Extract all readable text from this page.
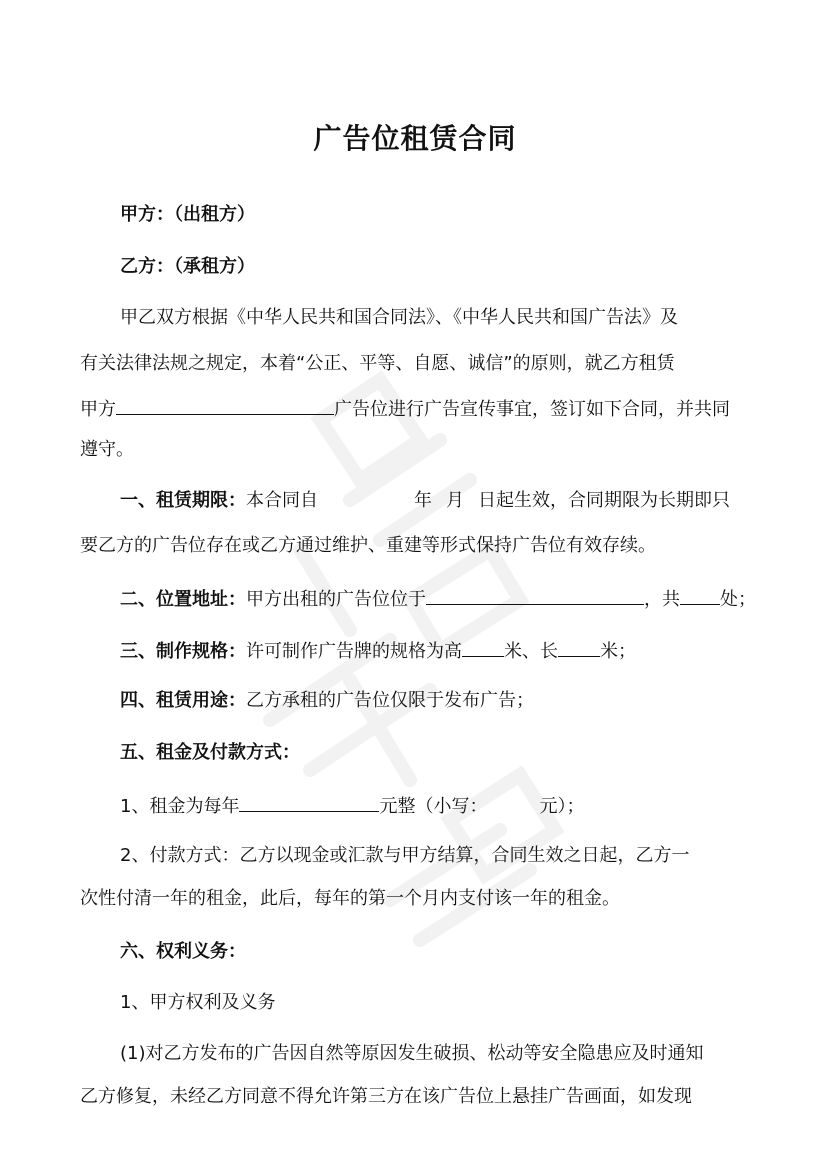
广告位租赁合同
甲方：（出租方）
乙方：（承租方）
甲乙双方根据《中华人民共和国合同法》、《中华人民共和国广告法》及
有关法律法规之规定，本着“公正、平等、自愿、诚信”的原则，就乙方租赁
甲方	广告位进行广告宣传事宜，签订如下合同，并共同
遵守。
一、租赁期限：本合同自	年 月 日起生效，合同期限为长期即只
要乙方的广告位存在或乙方通过维护、重建等形式保持广告位有效存续。
二、位置地址：甲方出租的广告位位于	，共 处；
三、制作规格：许可制作广告牌的规格为高 米、长 米；
四、租赁用途：乙方承租的广告位仅限于发布广告；
五、租金及付款方式：
1、租金为每年	元整（小写：	元）；
2、付款方式：乙方以现金或汇款与甲方结算，合同生效之日起，乙方一
次性付清一年的租金，此后，每年的第一个月内支付该一年的租金。
六、权利义务：
1、甲方权利及义务
(1)对乙方发布的广告因自然等原因发生破损、松动等安全隐患应及时通知
乙方修复，未经乙方同意不得允许第三方在该广告位上悬挂广告画面，如发现
